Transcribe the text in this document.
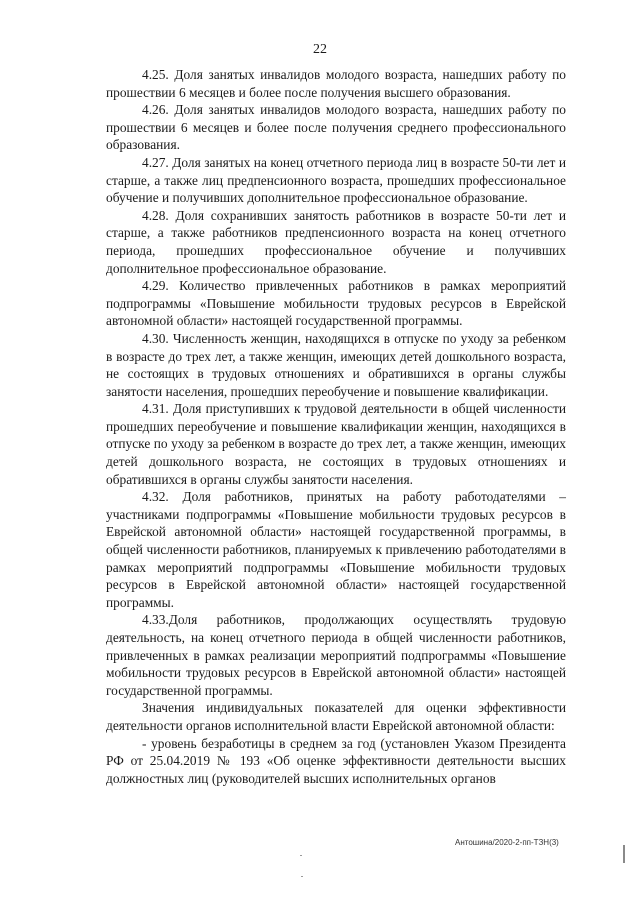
22

4.25. Доля занятых инвалидов молодого возраста, нашедших работу по прошествии 6 месяцев и более после получения высшего образования.

4.26. Доля занятых инвалидов молодого возраста, нашедших работу по прошествии 6 месяцев и более после получения среднего профессионального образования.

4.27. Доля занятых на конец отчетного периода лиц в возрасте 50-ти лет и старше, а также лиц предпенсионного возраста, прошедших профессиональное обучение и получивших дополнительное профессиональное образование.

4.28. Доля сохранивших занятость работников в возрасте 50-ти лет и старше, а также работников предпенсионного возраста на конец отчетного периода, прошедших профессиональное обучение и получивших дополнительное профессиональное образование.

4.29. Количество привлеченных работников в рамках мероприятий подпрограммы «Повышение мобильности трудовых ресурсов в Еврейской автономной области» настоящей государственной программы.

4.30. Численность женщин, находящихся в отпуске по уходу за ребенком в возрасте до трех лет, а также женщин, имеющих детей дошкольного возраста, не состоящих в трудовых отношениях и обратившихся в органы службы занятости населения, прошедших переобучение и повышение квалификации.

4.31. Доля приступивших к трудовой деятельности в общей численности прошедших переобучение и повышение квалификации женщин, находящихся в отпуске по уходу за ребенком в возрасте до трех лет, а также женщин, имеющих детей дошкольного возраста, не состоящих в трудовых отношениях и обратившихся в органы службы занятости населения.

4.32. Доля работников, принятых на работу работодателями – участниками подпрограммы «Повышение мобильности трудовых ресурсов в Еврейской автономной области» настоящей государственной программы, в общей численности работников, планируемых к привлечению работодателями в рамках мероприятий подпрограммы «Повышение мобильности трудовых ресурсов в Еврейской автономной области» настоящей государственной программы.

4.33.Доля работников, продолжающих осуществлять трудовую деятельность, на конец отчетного периода в общей численности работников, привлеченных в рамках реализации мероприятий подпрограммы «Повышение мобильности трудовых ресурсов в Еврейской автономной области» настоящей государственной программы.

Значения индивидуальных показателей для оценки эффективности деятельности органов исполнительной власти Еврейской автономной области:

- уровень безработицы в среднем за год (установлен Указом Президента РФ от 25.04.2019 № 193 «Об оценке эффективности деятельности высших должностных лиц (руководителей высших исполнительных органов

Антошина/2020-2-пп-ТЗН(3)
